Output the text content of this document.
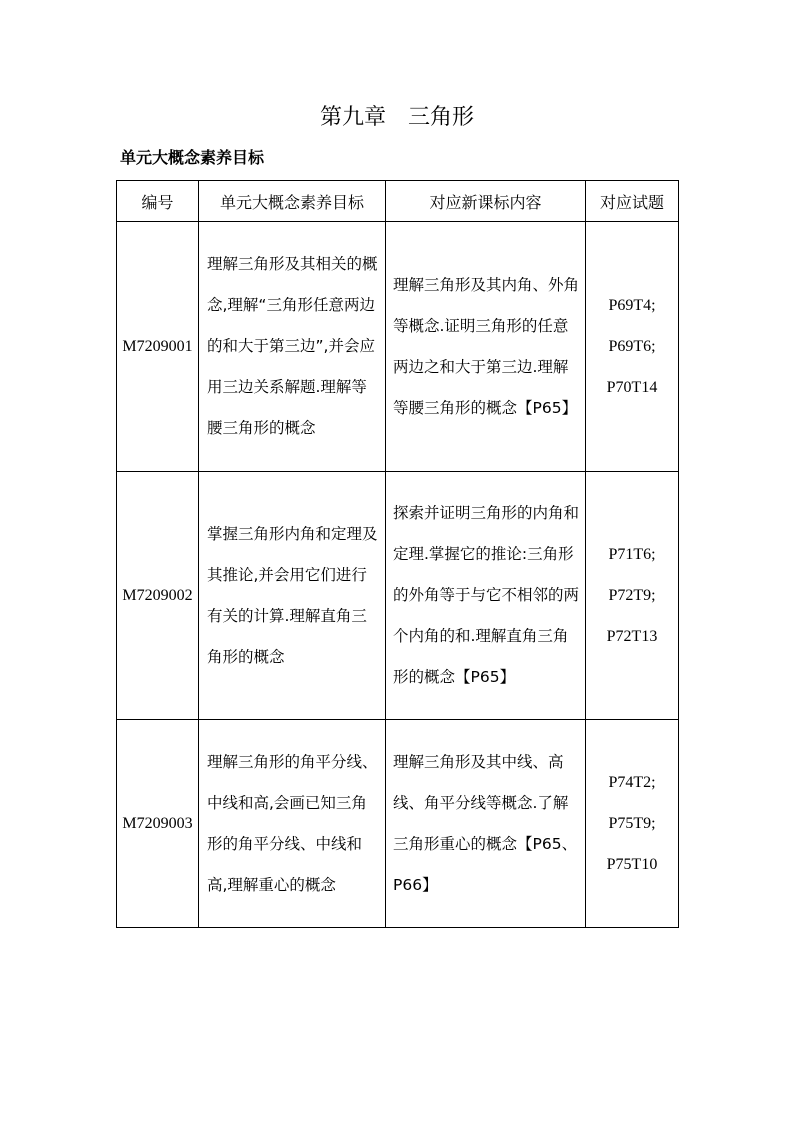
第九章　三角形
单元大概念素养目标
编号	单元大概念素养目标	对应新课标内容	对应试题
M7209001	理解三角形及其相关的概念,理解“三角形任意两边的和大于第三边”,并会应用三边关系解题.理解等腰三角形的概念	理解三角形及其内角、外角等概念.证明三角形的任意两边之和大于第三边.理解等腰三角形的概念【P65】	P69T4;
P69T6;
P70T14

M7209002	掌握三角形内角和定理及其推论,并会用它们进行有关的计算.理解直角三角形的概念	探索并证明三角形的内角和定理.掌握它的推论:三角形的外角等于与它不相邻的两个内角的和.理解直角三角形的概念【P65】	P71T6;
P72T9;
P72T13

M7209003	理解三角形的角平分线、中线和高,会画已知三角形的角平分线、中线和高,理解重心的概念	理解三角形及其中线、高线、角平分线等概念.了解三角形重心的概念【P65、P66】	P74T2;
P75T9;
P75T10
